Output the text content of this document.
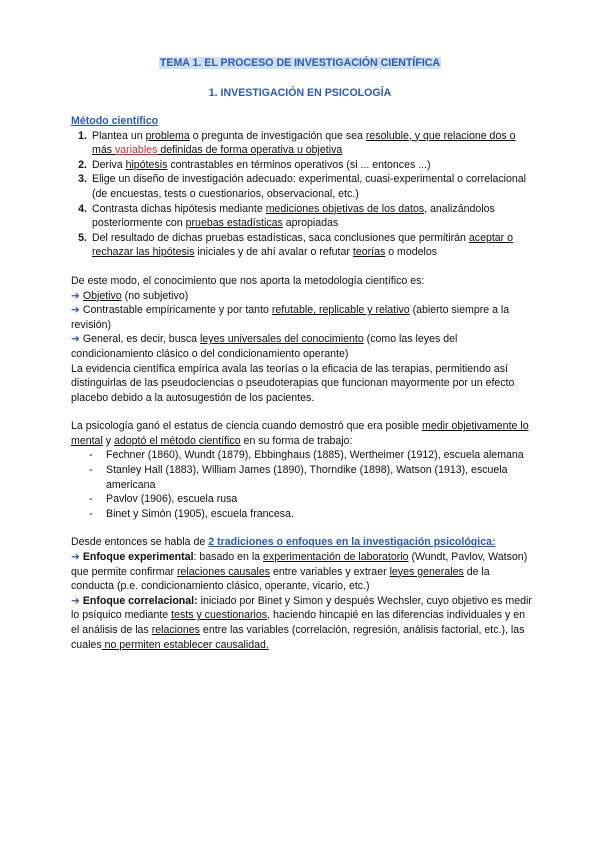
TEMA 1. EL PROCESO DE INVESTIGACIÓN CIENTÍFICA
1. INVESTIGACIÓN EN PSICOLOGÍA
Método científico
1. Plantea un problema o pregunta de investigación que sea resoluble, y que relacione dos o más variables definidas de forma operativa u objetiva
2. Deriva hipótesis contrastables en términos operativos (si ... entonces ...)
3. Elige un diseño de investigación adecuado: experimental, cuasi-experimental o correlacional (de encuestas, tests o cuestionarios, observacional, etc.)
4. Contrasta dichas hipótesis mediante mediciones objetivas de los datos, analizándolos posteriormente con pruebas estadísticas apropiadas
5. Del resultado de dichas pruebas estadísticas, saca conclusiones que permitirán aceptar o rechazar las hipótesis iniciales y de ahí avalar o refutar teorías o modelos
De este modo, el conocimiento que nos aporta la metodología científico es:
➔ Objetivo (no subjetivo)
➔ Contrastable empíricamente y por tanto refutable, replicable y relativo (abierto siempre a la revisión)
➔ General, es decir, busca leyes universales del conocimiento (como las leyes del condicionamiento clásico o del condicionamiento operante)
La evidencia científica empírica avala las teorías o la eficacia de las terapias, permitiendo así distinguirlas de las pseudociencias o pseudoterapias que funcionan mayormente por un efecto placebo debido a la autosugestión de los pacientes.
La psicología ganó el estatus de ciencia cuando demostró que era posible medir objetivamente lo mental y adoptó el método científico en su forma de trabajo:
- Fechner (1860), Wundt (1879), Ebbinghaus (1885), Wertheimer (1912), escuela alemana
- Stanley Hall (1883), William James (1890), Thorndike (1898), Watson (1913), escuela americana
- Pavlov (1906), escuela rusa
- Binet y Simón (1905), escuela francesa.
Desde entonces se habla de 2 tradiciones o enfoques en la investigación psicológica:
➔ Enfoque experimental: basado en la experimentación de laboratorio (Wundt, Pavlov, Watson) que permite confirmar relaciones causales entre variables y extraer leyes generales de la conducta (p.e. condicionamiento clásico, operante, vicario, etc.)
➔ Enfoque correlacional: iniciado por Binet y Simon y después Wechsler, cuyo objetivo es medir lo psíquico mediante tests y cuestionarios, haciendo hincapié en las diferencias individuales y en el análisis de las relaciones entre las variables (correlación, regresión, análisis factorial, etc.), las cuales no permiten establecer causalidad.
